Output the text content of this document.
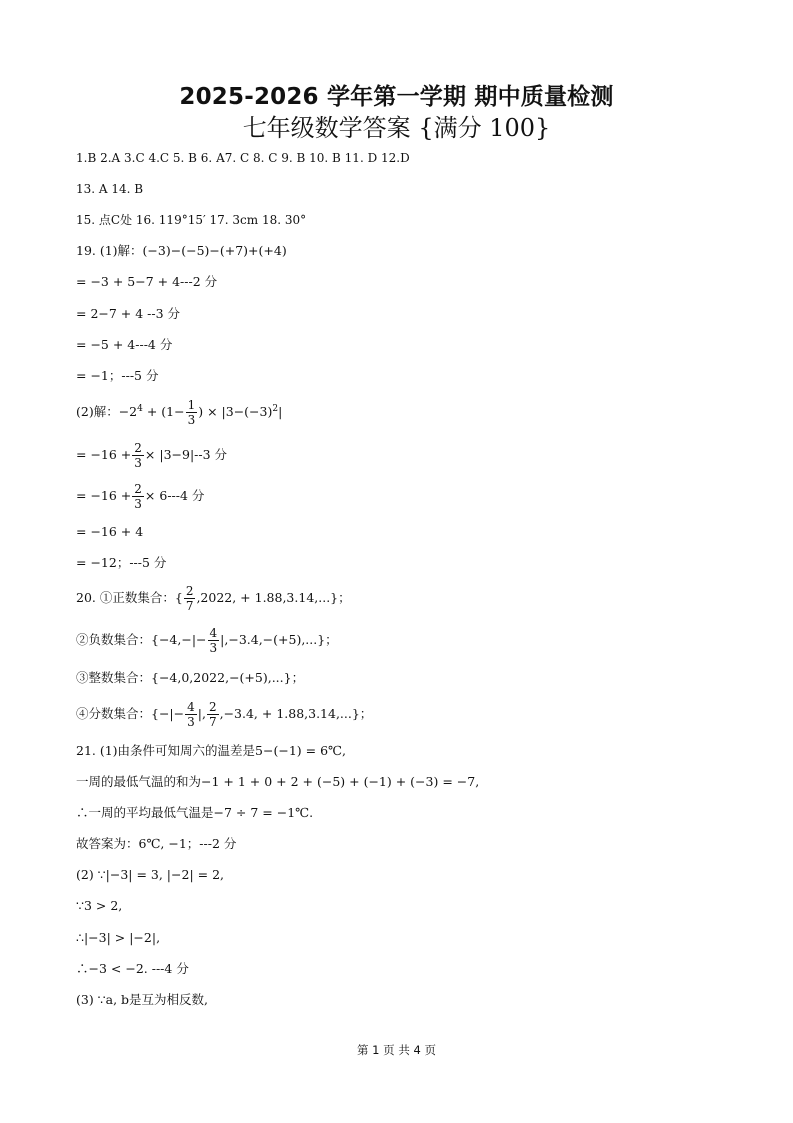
2025-2026 学年第一学期 期中质量检测
七年级数学答案 {满分 100}
1.B 2.A 3.C 4.C 5. B 6. A7. C 8. C 9. B 10. B 11. D 12.D
13. A 14. B
15. 点C处 16. 119°15′ 17. 3cm 18. 30°
19. (1)解：(−3)−(−5)−(+7)+(+4)
= −3 + 5−7 + 4---2 分
= 2−7 + 4 --3 分
= −5 + 4---4 分
= −1；---5 分
(2)解：$-2^4 + (1- \frac{1}{3}$ ) × $|3-(-3)^2|$
= $-16 + \frac{2}{3} \times |3-9|--3$ 分
= $-16 + \frac{2}{3} \times 6---4$ 分
= −16 + 4
= −12；---5 分
20. ①正数集合：{ $\frac{2}{7} ,2022$, + 1.88,3.14,...}；
②负数集合：$\{-4,-|- \frac{4}{3} |,-3.4,-(+5),...\}$；
③整数集合：{−4,0,2022,−(+5),...}；
④分数集合：{−|− $\frac{4}{3}$ |, $\frac{2}{7} ,-3.4$, + 1.88,3.14,...}；
21. (1)由条件可知周六的温差是5−(−1) = 6℃,
一周的最低气温的和为−1 + 1 + 0 + 2 + (−5) + (−1) + (−3) = −7,
∴一周的平均最低气温是−7 ÷ 7 = −1℃.
故答案为：6℃, −1；---2 分
(2) ∵|−3| = 3, |−2| = 2,
∵3 > 2,
∴|−3| > |−2|,
∴−3 < −2. ---4 分
(3) ∵a, b是互为相反数,
第 1 页 共 4 页
